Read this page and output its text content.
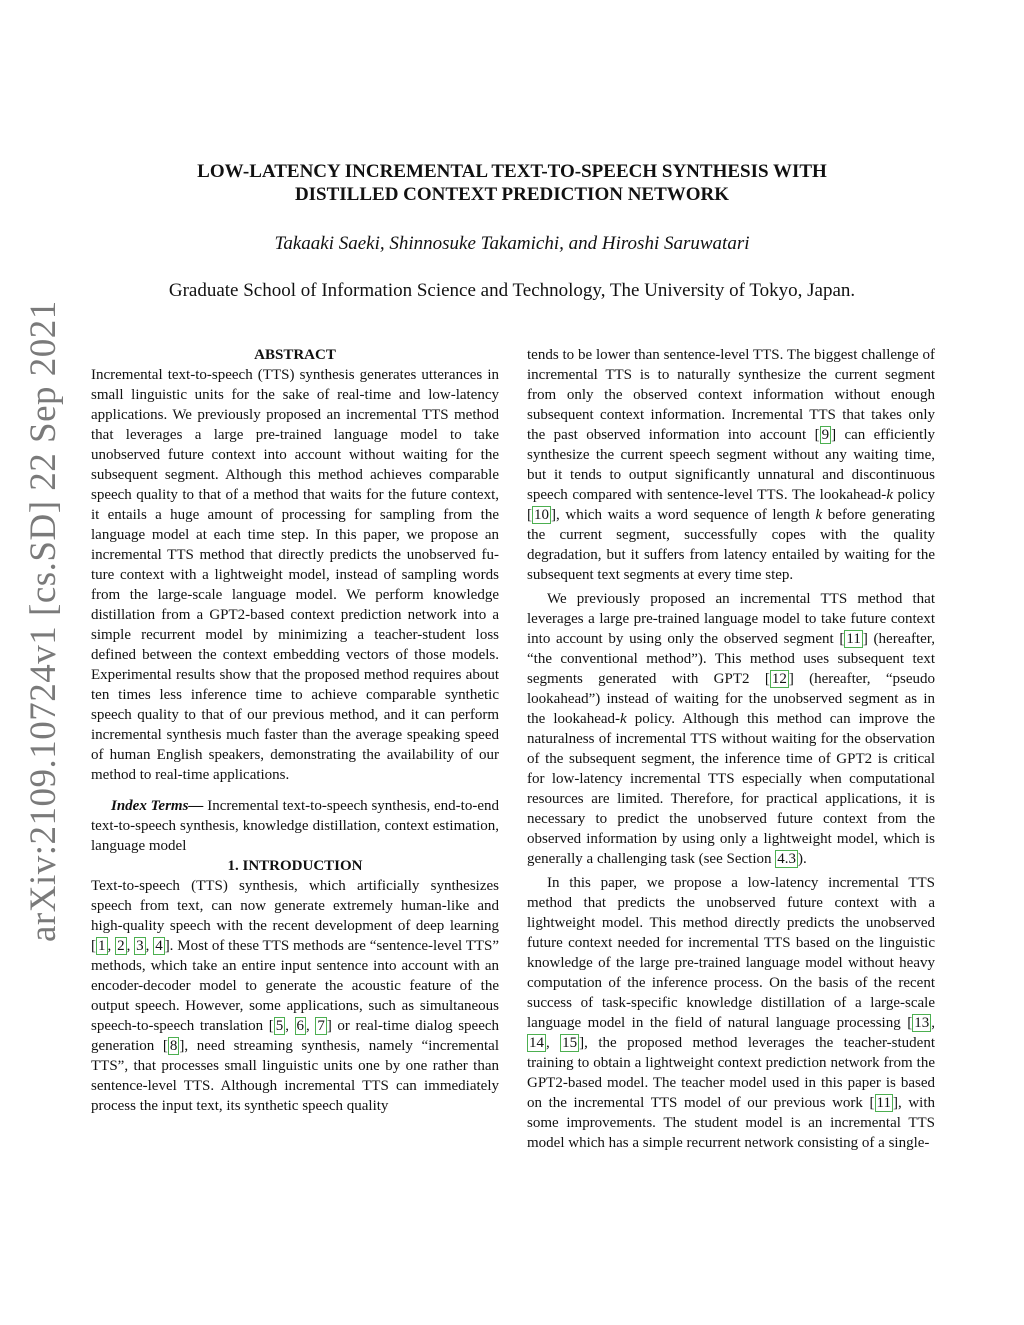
arXiv:2109.10724v1 [cs.SD] 22 Sep 2021
LOW-LATENCY INCREMENTAL TEXT-TO-SPEECH SYNTHESIS WITH
DISTILLED CONTEXT PREDICTION NETWORK
Takaaki Saeki, Shinnosuke Takamichi, and Hiroshi Saruwatari
Graduate School of Information Science and Technology, The University of Tokyo, Japan.

ABSTRACT

Incremental text-to-speech (TTS) synthesis generates utterances in small linguistic units for the sake of real-time and low-latency applications. We previously proposed an incremental TTS method that leverages a large pre-trained language model to take unobserved future context into account without waiting for the subsequent segment. Although this method achieves comparable speech quality to that of a method that waits for the future context, it entails a huge amount of processing for sampling from the language model at each time step. In this paper, we propose an incremental TTS method that directly predicts the unobserved future context with a lightweight model, instead of sampling words from the large-scale language model. We perform knowledge distillation from a GPT2-based context prediction network into a simple recurrent model by minimizing a teacher-student loss defined between the context embedding vectors of those models. Experimental results show that the proposed method requires about ten times less inference time to achieve comparable synthetic speech quality to that of our previous method, and it can perform incremental synthesis much faster than the average speaking speed of human English speakers, demonstrating the availability of our method to real-time applications.

Index Terms— Incremental text-to-speech synthesis, end-to-end text-to-speech synthesis, knowledge distillation, context estimation, language model

1. INTRODUCTION

Text-to-speech (TTS) synthesis, which artificially synthesizes speech from text, can now generate extremely human-like and high-quality speech with the recent development of deep learning [ 1 , 2 , 3 , 4 ]. Most of these TTS methods are “sentence-level TTS” methods, which take an entire input sentence into account with an encoder-decoder model to generate the acoustic feature of the output speech. However, some applications, such as simultaneous speech-to-speech translation [ 5 , 6 , 7 ] or real-time dialog speech generation [ 8 ], need streaming synthesis, namely “incremental TTS”, that processes small linguistic units one by one rather than sentence-level TTS. Although incremental TTS can immediately process the input text, its synthetic speech quality

tends to be lower than sentence-level TTS. The biggest challenge of incremental TTS is to naturally synthesize the current segment from only the observed context information without enough subsequent context information. Incremental TTS that takes only the past observed information into account [ 9 ] can efficiently synthesize the current speech segment without any waiting time, but it tends to output significantly unnatural and discontinuous speech compared with sentence-level TTS. The lookahead-k policy [ 10 ], which waits a word sequence of length k before generating the current segment, successfully copes with the quality degradation, but it suffers from latency entailed by waiting for the subsequent text segments at every time step.

We previously proposed an incremental TTS method that leverages a large pre-trained language model to take future context into account by using only the observed segment [ 11 ] (hereafter, “the conventional method”). This method uses subsequent text segments generated with GPT2 [ 12 ] (hereafter, “pseudo lookahead”) instead of waiting for the unobserved segment as in the lookahead-k policy. Although this method can improve the naturalness of incremental TTS without waiting for the observation of the subsequent segment, the inference time of GPT2 is critical for low-latency incremental TTS especially when computational resources are limited. Therefore, for practical applications, it is necessary to predict the unobserved future context from the observed information by using only a lightweight model, which is generally a challenging task (see Section 4.3 ).

In this paper, we propose a low-latency incremental TTS method that predicts the unobserved future context with a lightweight model. This method directly predicts the unobserved future context needed for incremental TTS based on the linguistic knowledge of the large pre-trained language model without heavy computation of the inference process. On the basis of the recent success of task-specific knowledge distillation of a large-scale language model in the field of natural language processing [ 13 , 14 , 15 ], the proposed method leverages the teacher-student training to obtain a lightweight context prediction network from the GPT2-based model. The teacher model used in this paper is based on the incremental TTS model of our previous work [ 11 ], with some improvements. The student model is an incremental TTS model which has a simple recurrent network consisting of a single-
